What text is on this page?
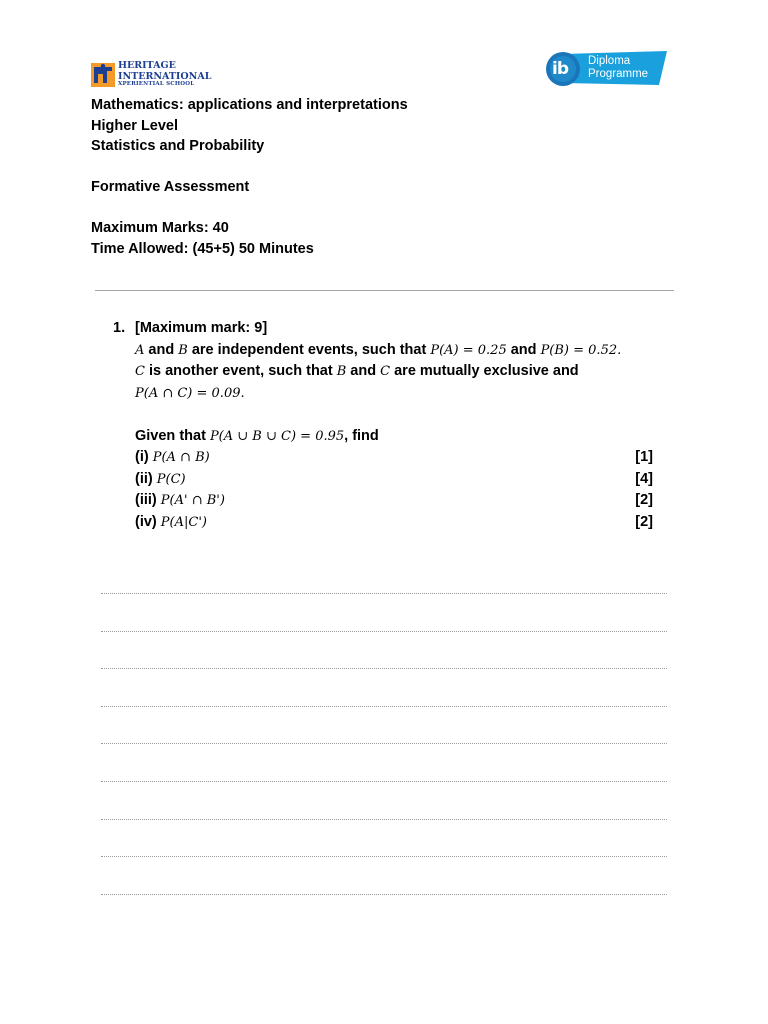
HERITAGE
INTERNATIONAL
XPERIENTIAL SCHOOL
ib Diploma
Programme
Mathematics: applications and interpretations
Higher Level
Statistics and Probability
Formative Assessment
Maximum Marks: 40
Time Allowed: (45+5) 50 Minutes
1. [Maximum mark: 9]
A and B are independent events, such that P(A) = 0.25 and P(B) = 0.52.
C is another event, such that B and C are mutually exclusive and
P(A ∩ C) = 0.09.
Given that P(A ∪ B ∪ C) = 0.95, find
(i) P(A ∩ B)	[1]
(ii) P(C)	[4]
(iii) P(A' ∩ B')	[2]
(iv) P(A|C')	[2]
